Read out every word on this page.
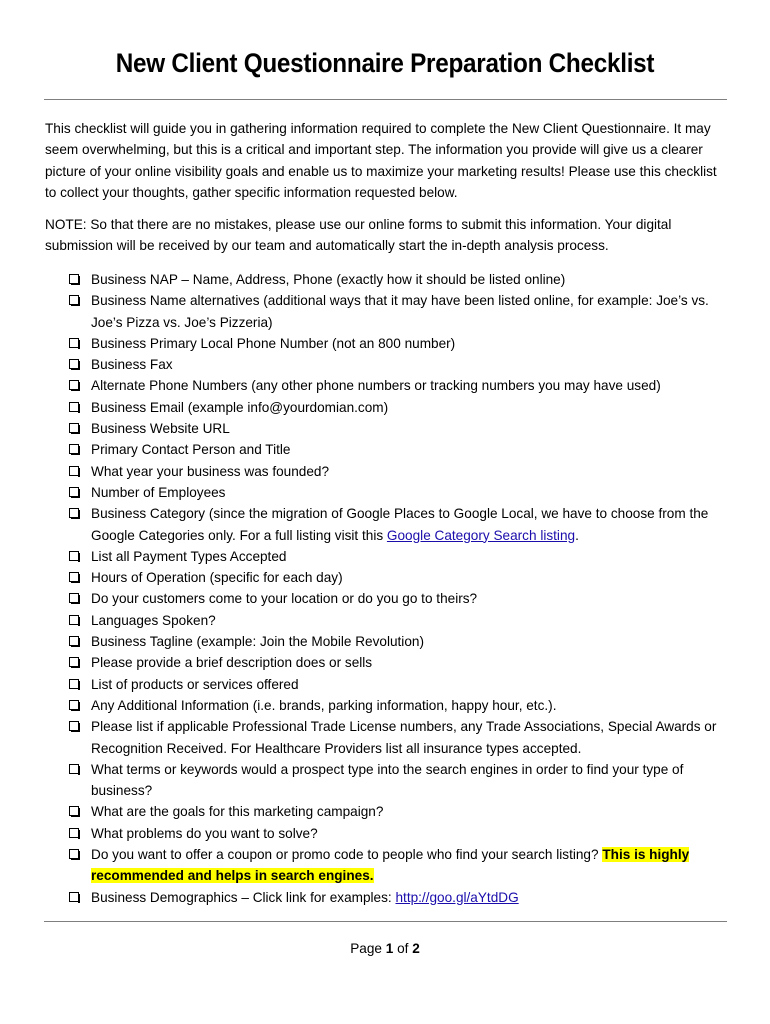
New Client Questionnaire Preparation Checklist

This checklist will guide you in gathering information required to complete the New Client Questionnaire. It may seem overwhelming, but this is a critical and important step. The information you provide will give us a clearer picture of your online visibility goals and enable us to maximize your marketing results! Please use this checklist to collect your thoughts, gather specific information requested below.

NOTE: So that there are no mistakes, please use our online forms to submit this information. Your digital submission will be received by our team and automatically start the in-depth analysis process.

Business NAP – Name, Address, Phone (exactly how it should be listed online)
Business Name alternatives (additional ways that it may have been listed online, for example: Joe’s vs. Joe’s Pizza vs. Joe’s Pizzeria)
Business Primary Local Phone Number (not an 800 number)
Business Fax
Alternate Phone Numbers (any other phone numbers or tracking numbers you may have used)
Business Email (example info@yourdomian.com)
Business Website URL
Primary Contact Person and Title
What year your business was founded?
Number of Employees
Business Category (since the migration of Google Places to Google Local, we have to choose from the Google Categories only. For a full listing visit this Google Category Search listing.
List all Payment Types Accepted
Hours of Operation (specific for each day)
Do your customers come to your location or do you go to theirs?
Languages Spoken?
Business Tagline (example: Join the Mobile Revolution)
Please provide a brief description does or sells
List of products or services offered
Any Additional Information (i.e. brands, parking information, happy hour, etc.).
Please list if applicable Professional Trade License numbers, any Trade Associations, Special Awards or Recognition Received. For Healthcare Providers list all insurance types accepted.
What terms or keywords would a prospect type into the search engines in order to find your type of business?
What are the goals for this marketing campaign?
What problems do you want to solve?
Do you want to offer a coupon or promo code to people who find your search listing? This is highly recommended and helps in search engines.
Business Demographics – Click link for examples: http://goo.gl/aYtdDG
Page 1 of 2
